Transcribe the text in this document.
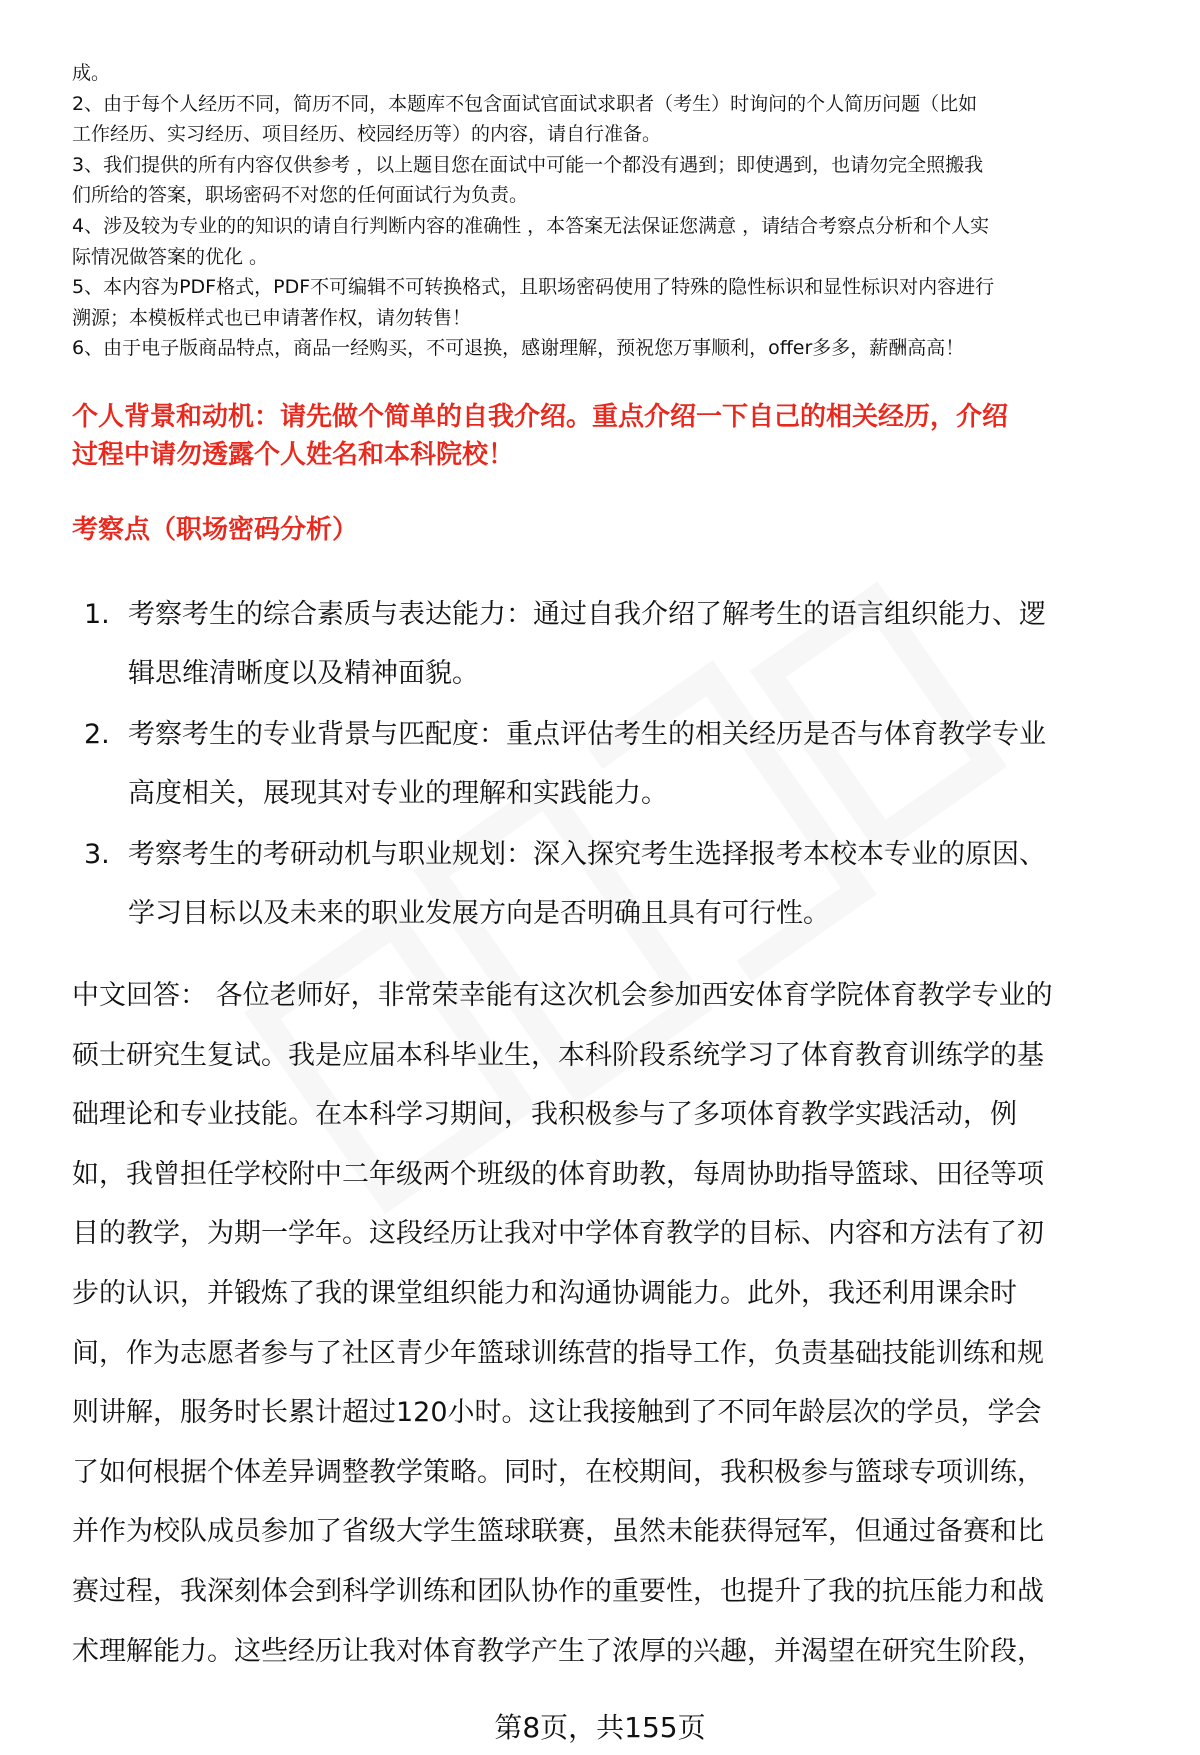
成。
2、由于每个人经历不同，简历不同，本题库不包含面试官面试求职者（考生）时询问的个人简历问题（比如
工作经历、实习经历、项目经历、校园经历等）的内容，请自行准备。
3、我们提供的所有内容仅供参考 ，以上题目您在面试中可能一个都没有遇到；即使遇到，也请勿完全照搬我
们所给的答案，职场密码不对您的任何面试行为负责。
4、涉及较为专业的的知识的请自行判断内容的准确性 ，本答案无法保证您满意 ，请结合考察点分析和个人实
际情况做答案的优化 。
5、本内容为PDF格式，PDF不可编辑不可转换格式，且职场密码使用了特殊的隐性标识和显性标识对内容进行
溯源；本模板样式也已申请著作权，请勿转售！
6、由于电子版商品特点，商品一经购买，不可退换，感谢理解，预祝您万事顺利，offer多多，薪酬高高！
个人背景和动机：请先做个简单的自我介绍。重点介绍一下自己的相关经历，介绍
过程中请勿透露个人姓名和本科院校！
考察点（职场密码分析）
1. 考察考生的综合素质与表达能力：通过自我介绍了解考生的语言组织能力、逻
辑思维清晰度以及精神面貌。
2. 考察考生的专业背景与匹配度：重点评估考生的相关经历是否与体育教学专业
高度相关，展现其对专业的理解和实践能力。
3. 考察考生的考研动机与职业规划：深入探究考生选择报考本校本专业的原因、
学习目标以及未来的职业发展方向是否明确且具有可行性。
中文回答： 各位老师好，非常荣幸能有这次机会参加西安体育学院体育教学专业的
硕士研究生复试。我是应届本科毕业生，本科阶段系统学习了体育教育训练学的基
础理论和专业技能。在本科学习期间，我积极参与了多项体育教学实践活动，例
如，我曾担任学校附中二年级两个班级的体育助教，每周协助指导篮球、田径等项
目的教学，为期一学年。这段经历让我对中学体育教学的目标、内容和方法有了初
步的认识，并锻炼了我的课堂组织能力和沟通协调能力。此外，我还利用课余时
间，作为志愿者参与了社区青少年篮球训练营的指导工作，负责基础技能训练和规
则讲解，服务时长累计超过120小时。这让我接触到了不同年龄层次的学员，学会
了如何根据个体差异调整教学策略。同时，在校期间，我积极参与篮球专项训练，
并作为校队成员参加了省级大学生篮球联赛，虽然未能获得冠军，但通过备赛和比
赛过程，我深刻体会到科学训练和团队协作的重要性，也提升了我的抗压能力和战
术理解能力。这些经历让我对体育教学产生了浓厚的兴趣，并渴望在研究生阶段，
第8页，共155页
